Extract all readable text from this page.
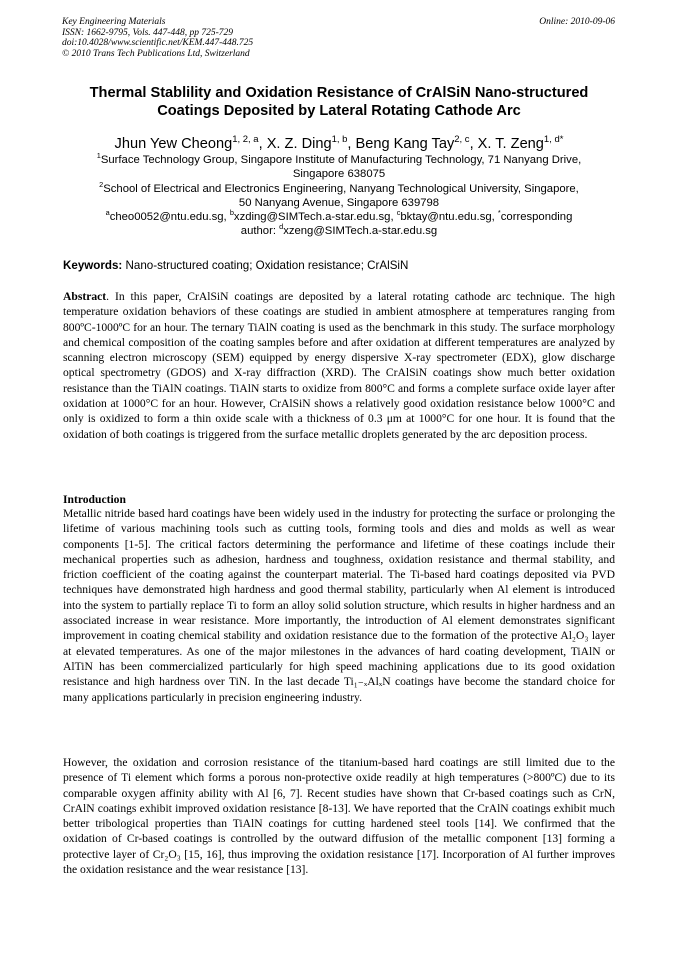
Key Engineering Materials
ISSN: 1662-9795, Vols. 447-448, pp 725-729
doi:10.4028/www.scientific.net/KEM.447-448.725
© 2010 Trans Tech Publications Ltd, Switzerland
Online: 2010-09-06
Thermal Stablility and Oxidation Resistance of CrAlSiN Nano-structured
Coatings Deposited by Lateral Rotating Cathode Arc
Jhun Yew Cheong$^{1, 2, a}$, X. Z. Ding$^{1, b}$, Beng Kang Tay$^{2, c}$, X. T. Zeng$^{1, d*}$
$^1$Surface Technology Group, Singapore Institute of Manufacturing Technology, 71 Nanyang Drive,
Singapore 638075
$^2$School of Electrical and Electronics Engineering, Nanyang Technological University, Singapore,
50 Nanyang Avenue, Singapore 639798
$^a$cheo0052@ntu.edu.sg, $^b$xzding@SIMTech.a-star.edu.sg, $^c$bktay@ntu.edu.sg, *corresponding
author: $^d$xzeng@SIMTech.a-star.edu.sg
Keywords: Nano-structured coating; Oxidation resistance; CrAlSiN
Abstract. In this paper, CrAlSiN coatings are deposited by a lateral rotating cathode arc technique. The high temperature oxidation behaviors of these coatings are studied in ambient atmosphere at temperatures ranging from 800ºC-1000ºC for an hour. The ternary TiAlN coating is used as the benchmark in this study. The surface morphology and chemical composition of the coating samples before and after oxidation at different temperatures are analyzed by scanning electron microscopy (SEM) equipped by energy dispersive X-ray spectrometer (EDX), glow discharge optical spectrometry (GDOS) and X-ray diffraction (XRD). The CrAlSiN coatings show much better oxidation resistance than the TiAlN coatings. TiAlN starts to oxidize from 800°C and forms a complete surface oxide layer after oxidation at 1000°C for an hour. However, CrAlSiN shows a relatively good oxidation resistance below 1000°C and only is oxidized to form a thin oxide scale with a thickness of 0.3 μm at 1000°C for one hour. It is found that the oxidation of both coatings is triggered from the surface metallic droplets generated by the arc deposition process.
Introduction
Metallic nitride based hard coatings have been widely used in the industry for protecting the surface or prolonging the lifetime of various machining tools such as cutting tools, forming tools and dies and molds as well as wear components [1-5]. The critical factors determining the performance and lifetime of these coatings include their mechanical properties such as adhesion, hardness and toughness, oxidation resistance and thermal stability, and friction coefficient of the coating against the counterpart material. The Ti-based hard coatings deposited via PVD techniques have demonstrated high hardness and good thermal stability, particularly when Al element is introduced into the system to partially replace Ti to form an alloy solid solution structure, which results in higher hardness and an associated increase in wear resistance. More importantly, the introduction of Al element demonstrates significant improvement in coating chemical stability and oxidation resistance due to the formation of the protective Al₂O₃ layer at elevated temperatures. As one of the major milestones in the advances of hard coating development, TiAlN or AlTiN has been commercialized particularly for high speed machining applications due to its good oxidation resistance and high hardness over TiN. In the last decade Ti₁₋ₓAlₓN coatings have become the standard choice for many applications particularly in precision engineering industry.
However, the oxidation and corrosion resistance of the titanium-based hard coatings are still limited due to the presence of Ti element which forms a porous non-protective oxide readily at high temperatures (>800ºC) due to its comparable oxygen affinity ability with Al [6, 7]. Recent studies have shown that Cr-based coatings such as CrN, CrAlN coatings exhibit improved oxidation resistance [8-13]. We have reported that the CrAlN coatings exhibit much better tribological properties than TiAlN coatings for cutting hardened steel tools [14]. We confirmed that the oxidation of Cr-based coatings is controlled by the outward diffusion of the metallic component [13] forming a protective layer of Cr₂O₃ [15, 16], thus improving the oxidation resistance [17]. Incorporation of Al further improves the oxidation resistance and the wear resistance [13].
